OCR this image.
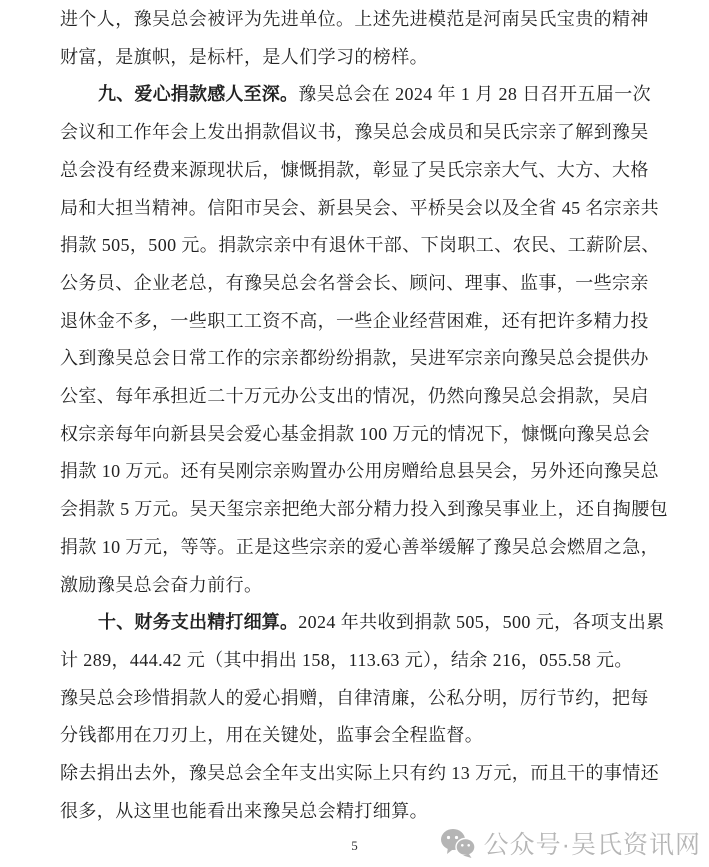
进个人，豫吴总会被评为先进单位。上述先进模范是河南吴氏宝贵的精神
财富，是旗帜，是标杆，是人们学习的榜样。
九、爱心捐款感人至深。豫吴总会在 2024 年 1 月 28 日召开五届一次
会议和工作年会上发出捐款倡议书，豫吴总会成员和吴氏宗亲了解到豫吴
总会没有经费来源现状后，慷慨捐款，彰显了吴氏宗亲大气、大方、大格
局和大担当精神。信阳市吴会、新县吴会、平桥吴会以及全省 45 名宗亲共
捐款 505，500 元。捐款宗亲中有退休干部、下岗职工、农民、工薪阶层、
公务员、企业老总，有豫吴总会名誉会长、顾问、理事、监事，一些宗亲
退休金不多，一些职工工资不高，一些企业经营困难，还有把许多精力投
入到豫吴总会日常工作的宗亲都纷纷捐款，吴进军宗亲向豫吴总会提供办
公室、每年承担近二十万元办公支出的情况，仍然向豫吴总会捐款，吴启
权宗亲每年向新县吴会爱心基金捐款 100 万元的情况下，慷慨向豫吴总会
捐款 10 万元。还有吴刚宗亲购置办公用房赠给息县吴会，另外还向豫吴总
会捐款 5 万元。吴天玺宗亲把绝大部分精力投入到豫吴事业上，还自掏腰包
捐款 10 万元，等等。正是这些宗亲的爱心善举缓解了豫吴总会燃眉之急，
激励豫吴总会奋力前行。
十、财务支出精打细算。2024 年共收到捐款 505，500 元，各项支出累
计 289，444.42 元（其中捐出 158，113.63 元），结余 216，055.58 元。
豫吴总会珍惜捐款人的爱心捐赠，自律清廉，公私分明，厉行节约，把每
分钱都用在刀刃上，用在关键处，监事会全程监督。
除去捐出去外，豫吴总会全年支出实际上只有约 13 万元，而且干的事情还
很多，从这里也能看出来豫吴总会精打细算。
5	公众号·吴氏资讯网
